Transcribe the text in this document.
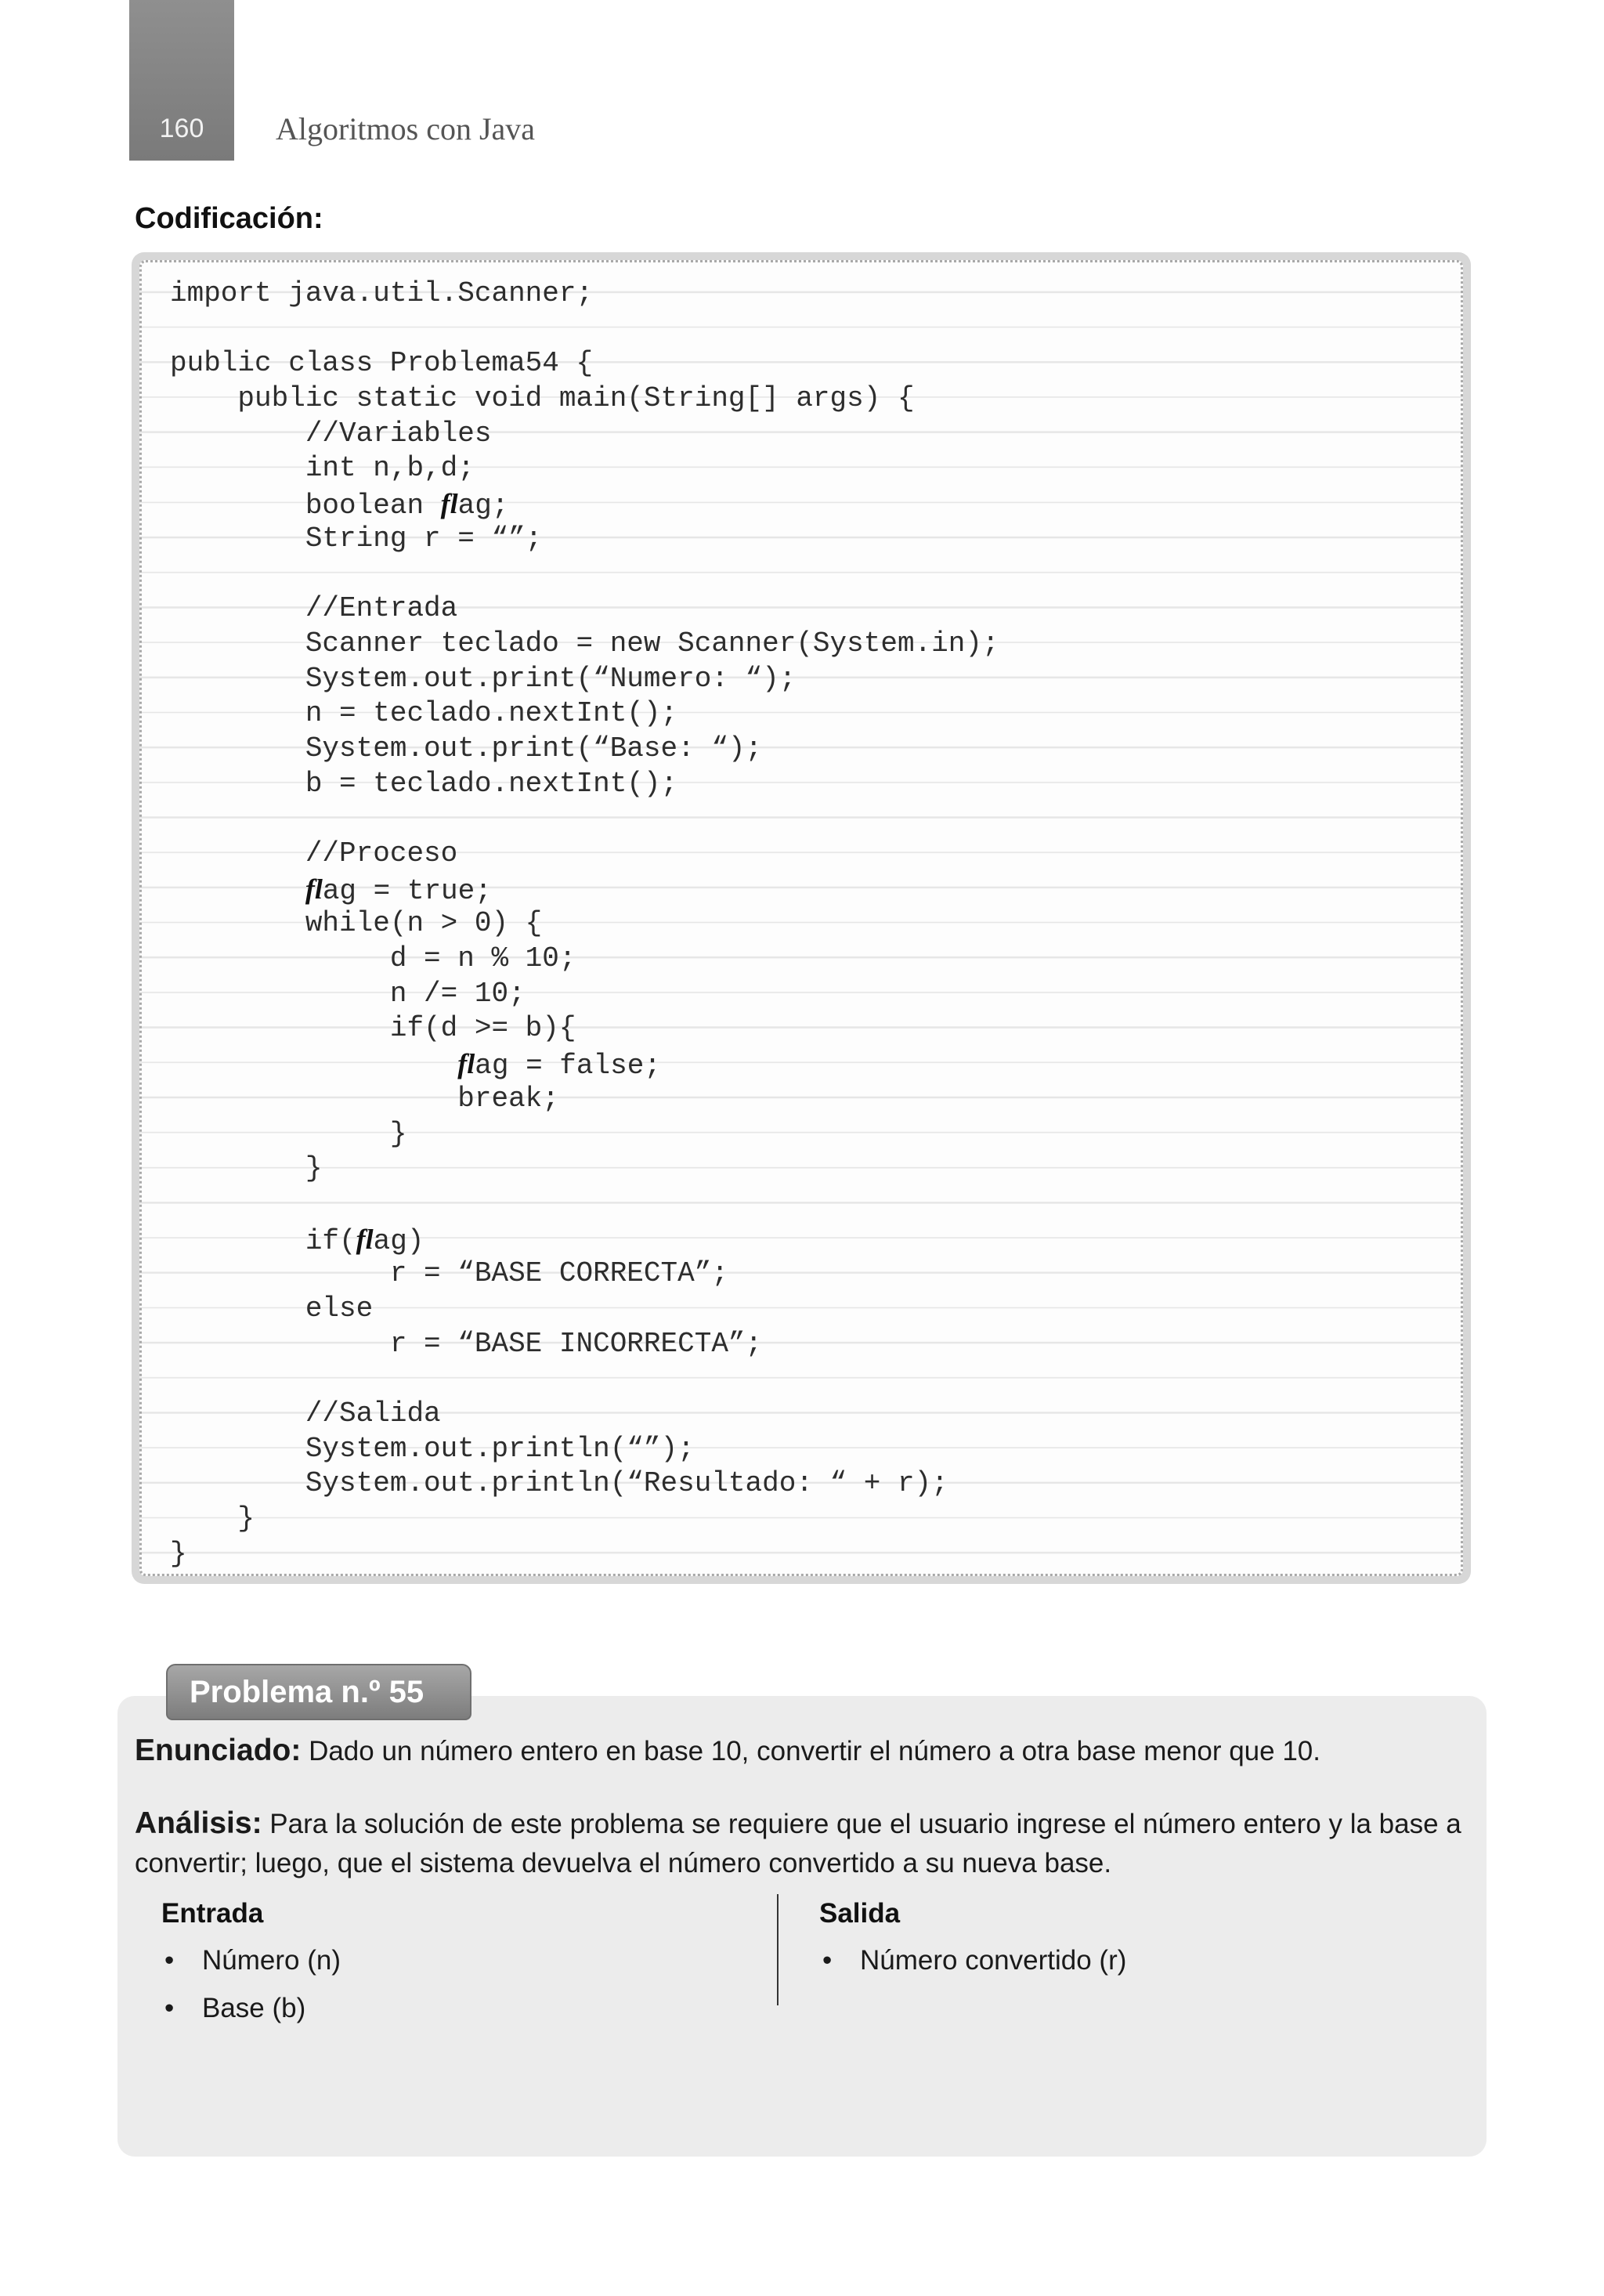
160	Algoritmos con Java
Codificación:
import java.util.Scanner;
public class Problema54 {
public static void main(String[] args) {
//Variables
int n,b,d;
boolean flag;
String r = “”;
//Entrada
Scanner teclado = new Scanner(System.in);
System.out.print(“Numero: “);
n = teclado.nextInt();
System.out.print(“Base: “);
b = teclado.nextInt();
//Proceso
flag = true;
while(n > 0) {
d = n % 10;
n /= 10;
if(d >= b){
flag = false;
break;
}
}
if(flag)
r = “BASE CORRECTA”;
else
r = “BASE INCORRECTA”;
//Salida
System.out.println(“”);
System.out.println(“Resultado: “ + r);
}
}
Problema n.º 55
Enunciado: Dado un número entero en base 10, convertir el número a otra base menor que 10.
Análisis: Para la solución de este problema se requiere que el usuario ingrese el número entero y la base a convertir; luego, que el sistema devuelva el número convertido a su nueva base.
Entrada
• Número (n)
• Base (b)
Salida
• Número convertido (r)
